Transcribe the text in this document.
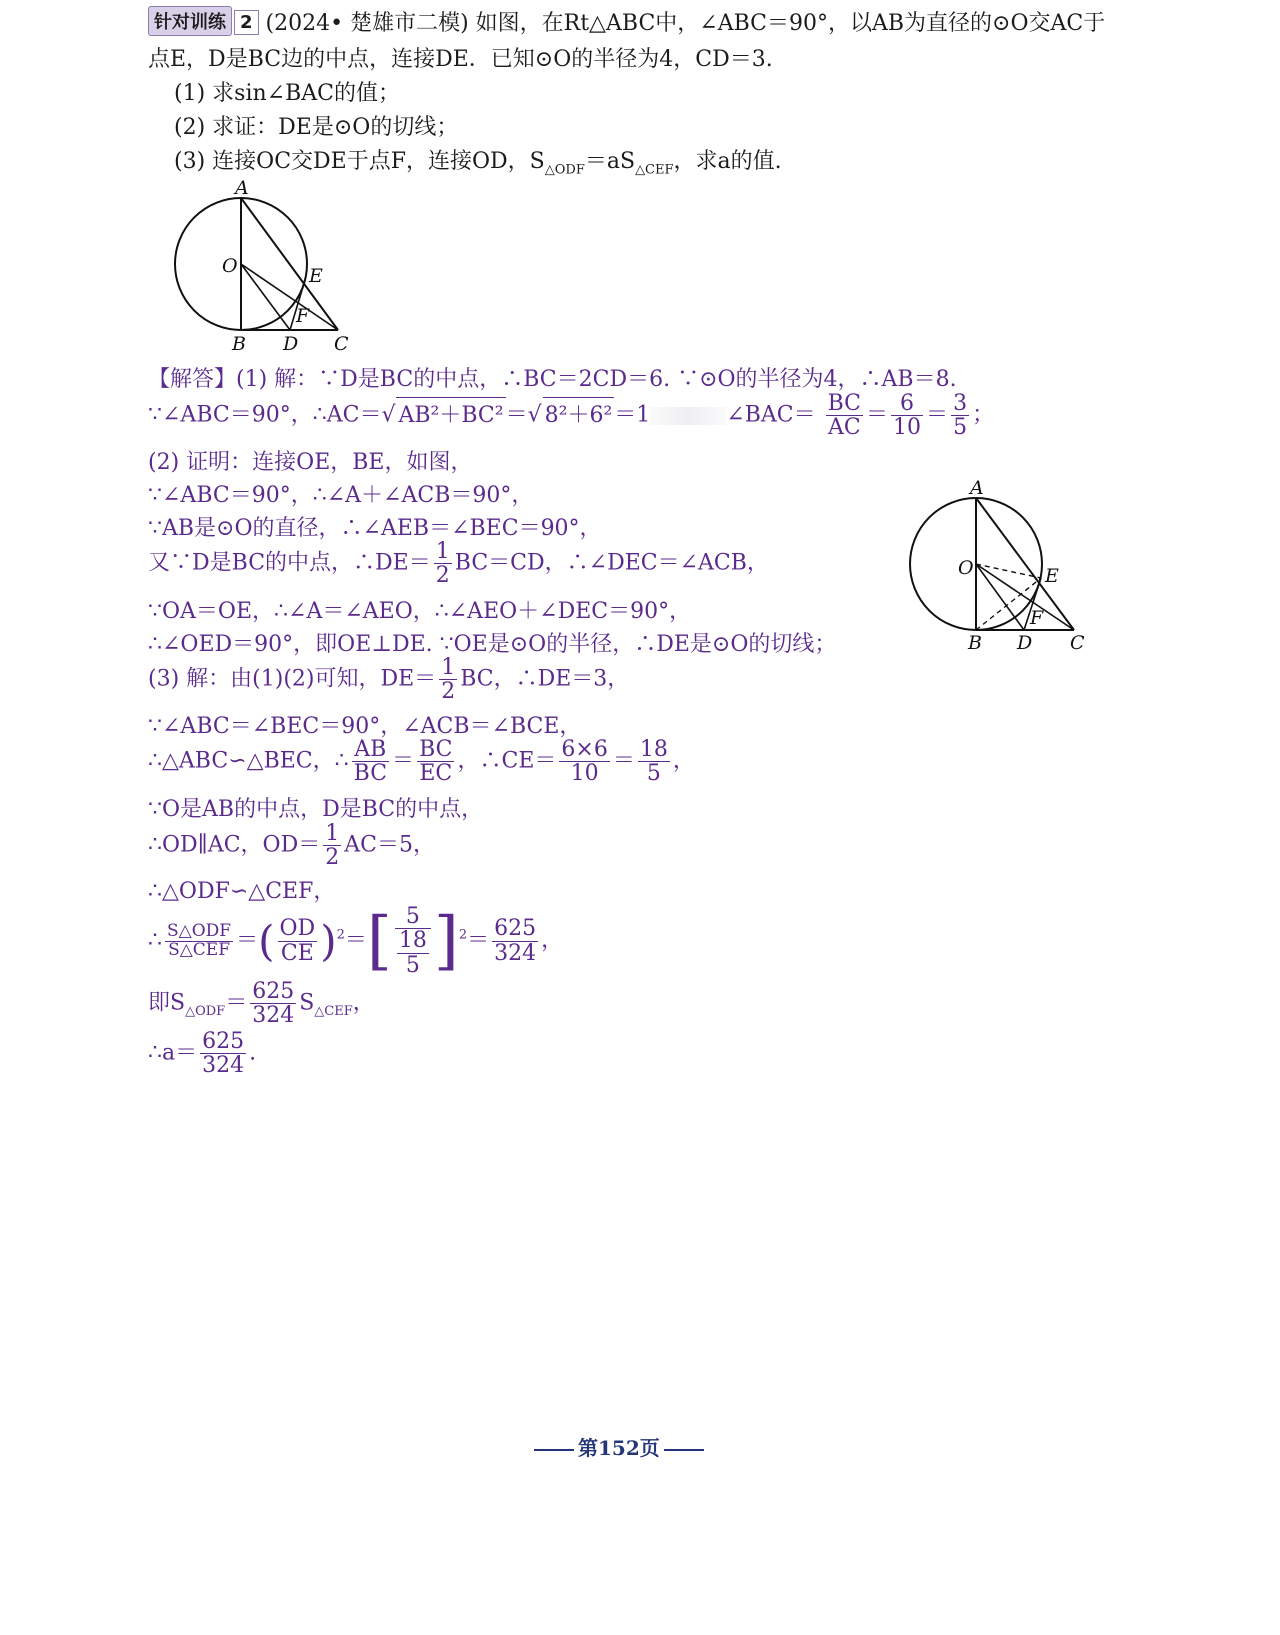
针对训练 2 (2024• 楚雄市二模) 如图，在Rt△ABC中，∠ABC＝90°，以AB为直径的⊙O交AC于
点E，D是BC边的中点，连接DE．已知⊙O的半径为4，CD＝3.
(1) 求sin∠BAC的值；
(2) 求证：DE是⊙O的切线；
(3) 连接OC交DE于点F，连接OD，$S_{\triangle ODF}=aS_{\triangle CEF}$，求a的值.
A
O	E
F
B D C
【解答】(1) 解：∵D是BC的中点，∴BC＝2CD＝6. ∵⊙O的半径为4，∴AB＝8.
∵∠ABC＝90°，∴AC＝√ AB²＋BC²＝√ 8²＋6²＝1	∠BAC＝ $\frac{BC}{AC} = \frac{6}{10} = \frac{3}{5}$ ；
(2) 证明：连接OE，BE，如图，
∵∠ABC＝90°，∴∠A＋∠ACB＝90°，
∵AB是⊙O的直径，∴∠AEB＝∠BEC＝90°，
又∵D是BC的中点，∴DE＝ $\frac{1}{2} BC=CD$，∴∠DEC＝∠ACB，
∵OA＝OE，∴∠A＝∠AEO，∴∠AEO＋∠DEC＝90°，
∴∠OED＝90°，即OE⊥DE. ∵OE是⊙O的半径，∴DE是⊙O的切线；
A
O	E
F
B D C
(3) 解：由(1)(2)可知，$DE= \frac{1}{2}$ BC，∴DE＝3，
∵∠ABC＝∠BEC＝90°，∠ACB＝∠BCE，
∴△ABC∽△BEC，∴ $\frac{AB}{BC} = \frac{BC}{EC}$ ，∴CE＝ $\frac{6\times 6}{10} = \frac{18}{5}$ ，
∵O是AB的中点，D是BC的中点，
∴OD∥AC，$OD= \frac{1}{2} AC=5$，
∴△ODF∽△CEF，
∴ $\frac{\text{S△ODF}}{\text{S△CEF}}$ ＝( $\frac{OD}{CE} )^2=$[ 5
18
5 ]$^2= \frac{625}{324}$ ，
即$S_{\triangle ODF}= \frac{625}{324} S_{\triangle CEF}$，
∴a＝ $\frac{625}{324}$ .
第152页
